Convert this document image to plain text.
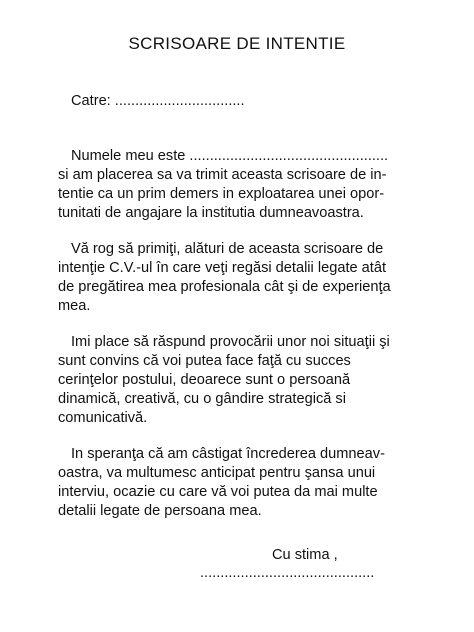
SCRISOARE DE INTENTIE
Catre: ................................
Numele meu este .................................................
si am placerea sa va trimit aceasta scrisoare de in-
tentie ca un prim demers in exploatarea unei opor-
tunitati de angajare la institutia dumneavoastra.
Vă rog să primiţi, alături de aceasta scrisoare de
intenţie C.V.-ul în care veţi regăsi detalii legate atât
de pregătirea mea profesionala cât şi de experienţa
mea.
Imi place să răspund provocării unor noi situaţii şi
sunt convins că voi putea face faţă cu succes
cerinţelor postului, deoarece sunt o persoană
dinamică, creativă, cu o gândire strategică si
comunicativă.
In speranţa că am câstigat încrederea dumneav-
oastra, va multumesc anticipat pentru şansa unui
interviu, ocazie cu care vă voi putea da mai multe
detalii legate de persoana mea.
Cu stima ,
...........................................
